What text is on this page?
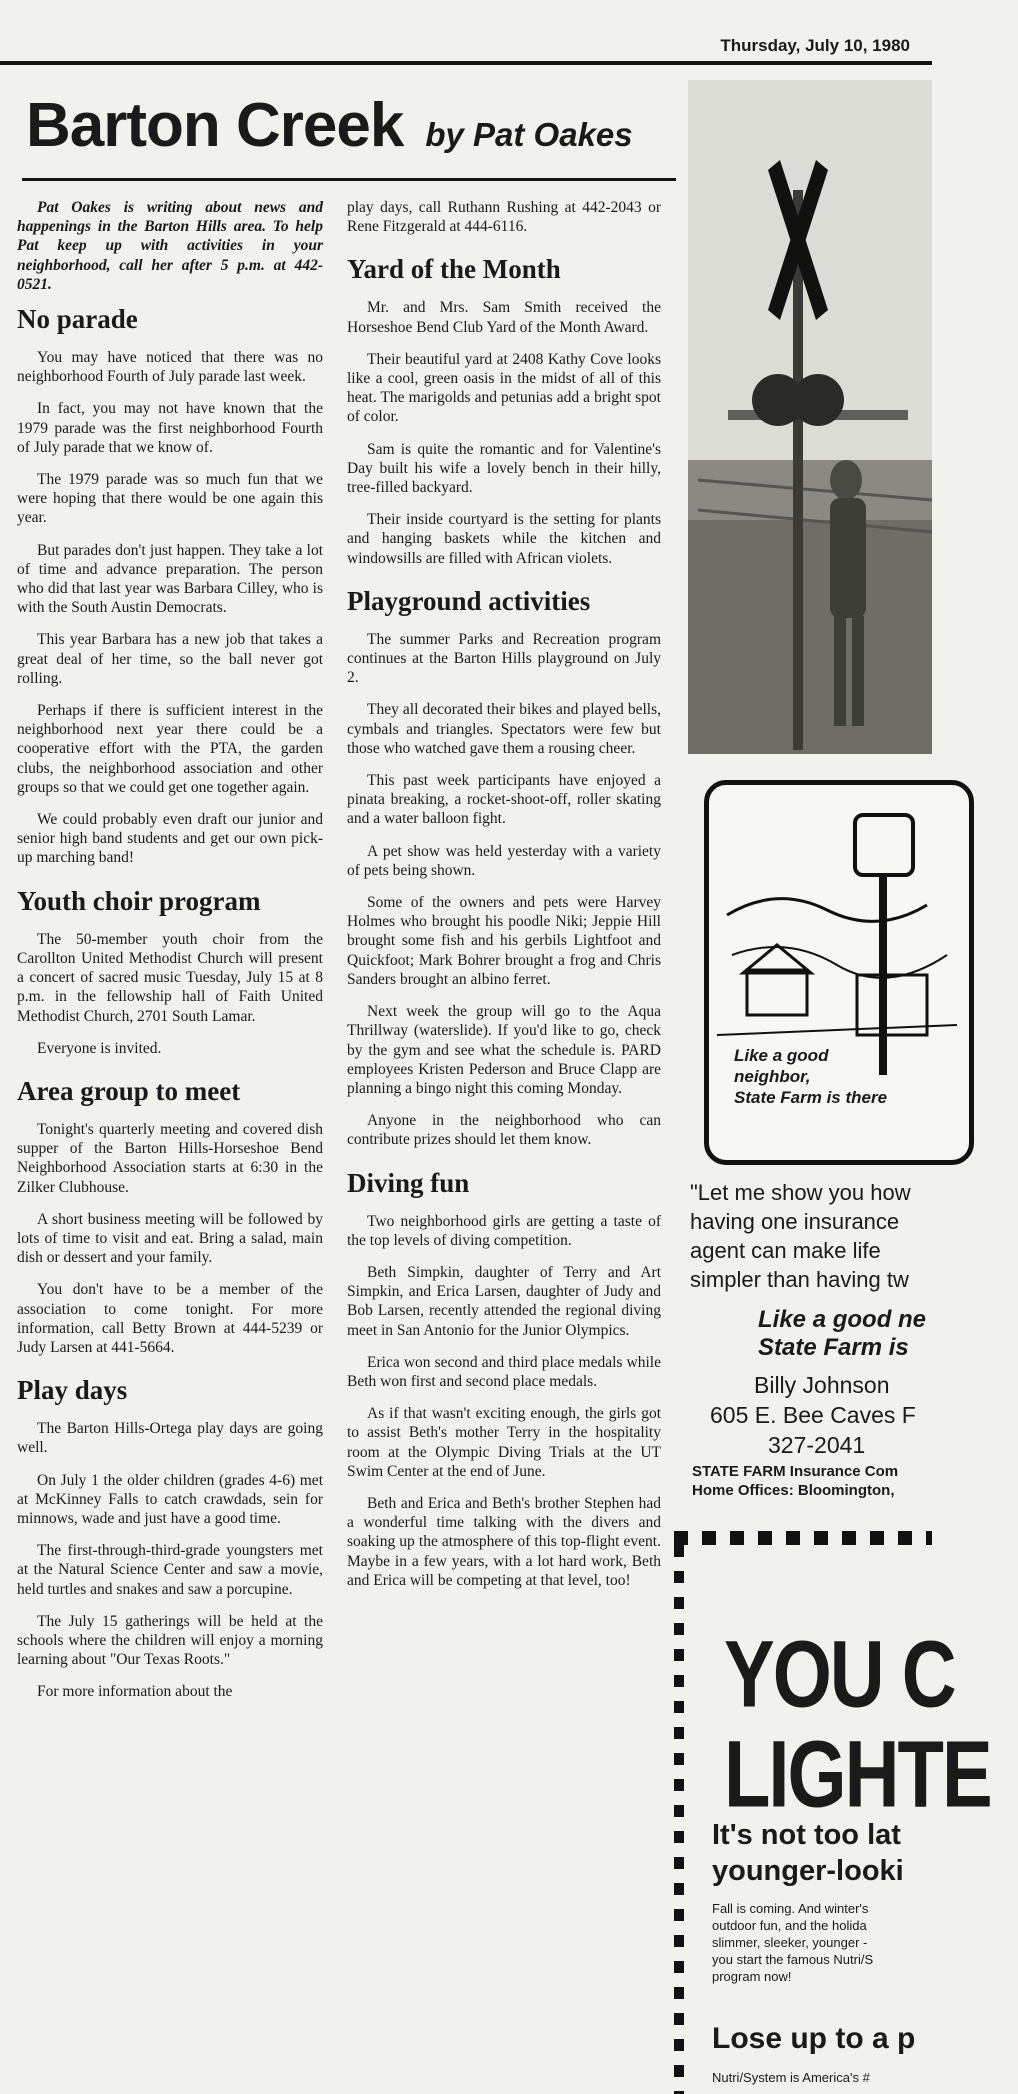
Thursday, July 10, 1980
Barton Creek by Pat Oakes

Pat Oakes is writing about news and happenings in the Barton Hills area. To help Pat keep up with activities in your neighborhood, call her after 5 p.m. at 442-0521.

No parade

You may have noticed that there was no neighborhood Fourth of July parade last week.

In fact, you may not have known that the 1979 parade was the first neighborhood Fourth of July parade that we know of.

The 1979 parade was so much fun that we were hoping that there would be one again this year.

But parades don't just happen. They take a lot of time and advance preparation. The person who did that last year was Barbara Cilley, who is with the South Austin Democrats.

This year Barbara has a new job that takes a great deal of her time, so the ball never got rolling.

Perhaps if there is sufficient interest in the neighborhood next year there could be a cooperative effort with the PTA, the garden clubs, the neighborhood association and other groups so that we could get one together again.

We could probably even draft our junior and senior high band students and get our own pick-up marching band!

Youth choir program

The 50-member youth choir from the Carollton United Methodist Church will present a concert of sacred music Tuesday, July 15 at 8 p.m. in the fellowship hall of Faith United Methodist Church, 2701 South Lamar.

Everyone is invited.

Area group to meet

Tonight's quarterly meeting and covered dish supper of the Barton Hills-Horseshoe Bend Neighborhood Association starts at 6:30 in the Zilker Clubhouse.

A short business meeting will be followed by lots of time to visit and eat. Bring a salad, main dish or dessert and your family.

You don't have to be a member of the association to come tonight. For more information, call Betty Brown at 444-5239 or Judy Larsen at 441-5664.

Play days

The Barton Hills-Ortega play days are going well.

On July 1 the older children (grades 4-6) met at McKinney Falls to catch crawdads, sein for minnows, wade and just have a good time.

The first-through-third-grade youngsters met at the Natural Science Center and saw a movie, held turtles and snakes and saw a porcupine.

The July 15 gatherings will be held at the schools where the children will enjoy a morning learning about "Our Texas Roots."

For more information about the

play days, call Ruthann Rushing at 442-2043 or Rene Fitzgerald at 444-6116.

Yard of the Month

Mr. and Mrs. Sam Smith received the Horseshoe Bend Club Yard of the Month Award.

Their beautiful yard at 2408 Kathy Cove looks like a cool, green oasis in the midst of all of this heat. The marigolds and petunias add a bright spot of color.

Sam is quite the romantic and for Valentine's Day built his wife a lovely bench in their hilly, tree-filled backyard.

Their inside courtyard is the setting for plants and hanging baskets while the kitchen and windowsills are filled with African violets.

Playground activities

The summer Parks and Recreation program continues at the Barton Hills playground on July 2.

They all decorated their bikes and played bells, cymbals and triangles. Spectators were few but those who watched gave them a rousing cheer.

This past week participants have enjoyed a pinata breaking, a rocket-shoot-off, roller skating and a water balloon fight.

A pet show was held yesterday with a variety of pets being shown.

Some of the owners and pets were Harvey Holmes who brought his poodle Niki; Jeppie Hill brought some fish and his gerbils Lightfoot and Quickfoot; Mark Bohrer brought a frog and Chris Sanders brought an albino ferret.

Next week the group will go to the Aqua Thrillway (waterslide). If you'd like to go, check by the gym and see what the schedule is. PARD employees Kristen Pederson and Bruce Clapp are planning a bingo night this coming Monday.

Anyone in the neighborhood who can contribute prizes should let them know.

Diving fun

Two neighborhood girls are getting a taste of the top levels of diving competition.

Beth Simpkin, daughter of Terry and Art Simpkin, and Erica Larsen, daughter of Judy and Bob Larsen, recently attended the regional diving meet in San Antonio for the Junior Olympics.

Erica won second and third place medals while Beth won first and second place medals.

As if that wasn't exciting enough, the girls got to assist Beth's mother Terry in the hospitality room at the Olympic Diving Trials at the UT Swim Center at the end of June.

Beth and Erica and Beth's brother Stephen had a wonderful time talking with the divers and soaking up the atmosphere of this top-flight event. Maybe in a few years, with a lot hard work, Beth and Erica will be competing at that level, too!

Like a good
neighbor,
State Farm is there
"Let me show you how
having one insurance
agent can make life
simpler than having tw
Like a good ne
State Farm is
Billy Johnson
605 E. Bee Caves F
327-2041
STATE FARM Insurance Com
Home Offices: Bloomington,
YOU C
LIGHTE
It's not too lat
younger-looki
Fall is coming. And winter's
outdoor fun, and the holida
slimmer, sleeker, younger -
you start the famous Nutri/S
program now!
Lose up to a p
Nutri/System is America's #
